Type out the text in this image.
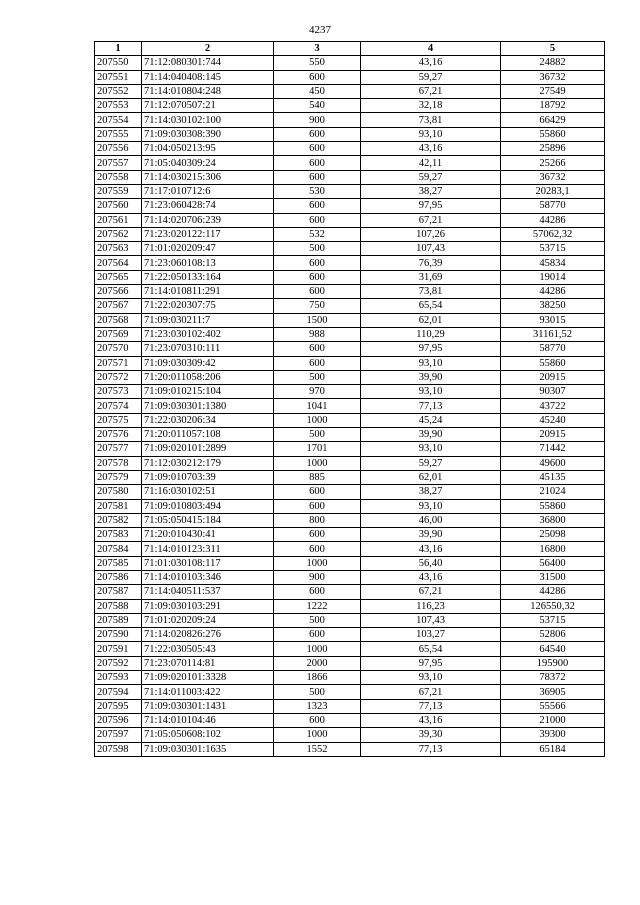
4237
1	2	3	4	5
207550	71:12:080301:744	550	43,16	24882
207551	71:14:040408:145	600	59,27	36732
207552	71:14:010804:248	450	67,21	27549
207553	71:12:070507:21	540	32,18	18792
207554	71:14:030102:100	900	73,81	66429
207555	71:09:030308:390	600	93,10	55860
207556	71:04:050213:95	600	43,16	25896
207557	71:05:040309:24	600	42,11	25266
207558	71:14:030215:306	600	59,27	36732
207559	71:17:010712:6	530	38,27	20283,1
207560	71:23:060428:74	600	97,95	58770
207561	71:14:020706:239	600	67,21	44286
207562	71:23:020122:117	532	107,26	57062,32
207563	71:01:020209:47	500	107,43	53715
207564	71:23:060108:13	600	76,39	45834
207565	71:22:050133:164	600	31,69	19014
207566	71:14:010811:291	600	73,81	44286
207567	71:22:020307:75	750	65,54	38250
207568	71:09:030211:7	1500	62,01	93015
207569	71:23:030102:402	988	110,29	31161,52
207570	71:23:070310:111	600	97,95	58770
207571	71:09:030309:42	600	93,10	55860
207572	71:20:011058:206	500	39,90	20915
207573	71:09:010215:104	970	93,10	90307
207574	71:09:030301:1380	1041	77,13	43722
207575	71:22:030206:34	1000	45,24	45240
207576	71:20:011057:108	500	39,90	20915
207577	71:09:020101:2899	1701	93,10	71442
207578	71:12:030212:179	1000	59,27	49600
207579	71:09:010703:39	885	62,01	45135
207580	71:16:030102:51	600	38,27	21024
207581	71:09:010803:494	600	93,10	55860
207582	71:05:050415:184	800	46,00	36800
207583	71:20:010430:41	600	39,90	25098
207584	71:14:010123:311	600	43,16	16800
207585	71:01:030108:117	1000	56,40	56400
207586	71:14:010103:346	900	43,16	31500
207587	71:14:040511:537	600	67,21	44286
207588	71:09:030103:291	1222	116,23	126550,32
207589	71:01:020209:24	500	107,43	53715
207590	71:14:020826:276	600	103,27	52806
207591	71:22:030505:43	1000	65,54	64540
207592	71:23:070114:81	2000	97,95	195900
207593	71:09:020101:3328	1866	93,10	78372
207594	71:14:011003:422	500	67,21	36905
207595	71:09:030301:1431	1323	77,13	55566
207596	71:14:010104:46	600	43,16	21000
207597	71:05:050608:102	1000	39,30	39300
207598	71:09:030301:1635	1552	77,13	65184
